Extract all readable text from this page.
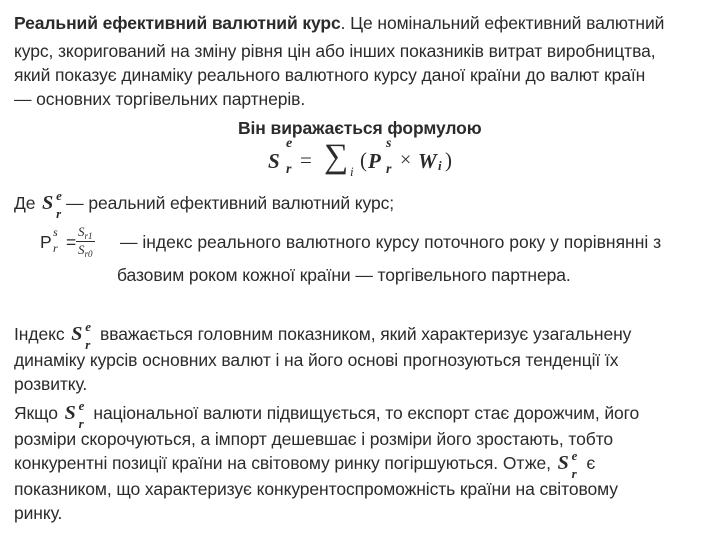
Реальний ефективний валютний курс. Це номінальний ефективний валютний
курс, зкоригований на зміну рівня цін або інших показників витрат виробництва,
який показує динаміку реального валютного курсу даної країни до валют країн
— основних торгівельних партнерів.
Він виражається формулою
S
e
r = ∑ i ( P
s
r × W i )
Де S e
r
— реальний ефективний валютний курс;
P s
$r = \frac{S_{r1}}{S_{r0}}$ — індекс реального валютного курсу поточного року у порівнянні з
базовим роком кожної країни — торгівельного партнера.
Індекс S e
r
вважається головним показником, який характеризує узагальнену
динаміку курсів основних валют і на його основі прогнозуються тенденції їх
розвитку.
Якщо S e
r
національної валюти підвищується, то експорт стає дорожчим, його
розміри скорочуються, а імпорт дешевшає і розміри його зростають, тобто
конкурентні позиції країни на світовому ринку погіршуються. Отже, S e
r
є
показником, що характеризує конкурентоспроможність країни на світовому
ринку.
